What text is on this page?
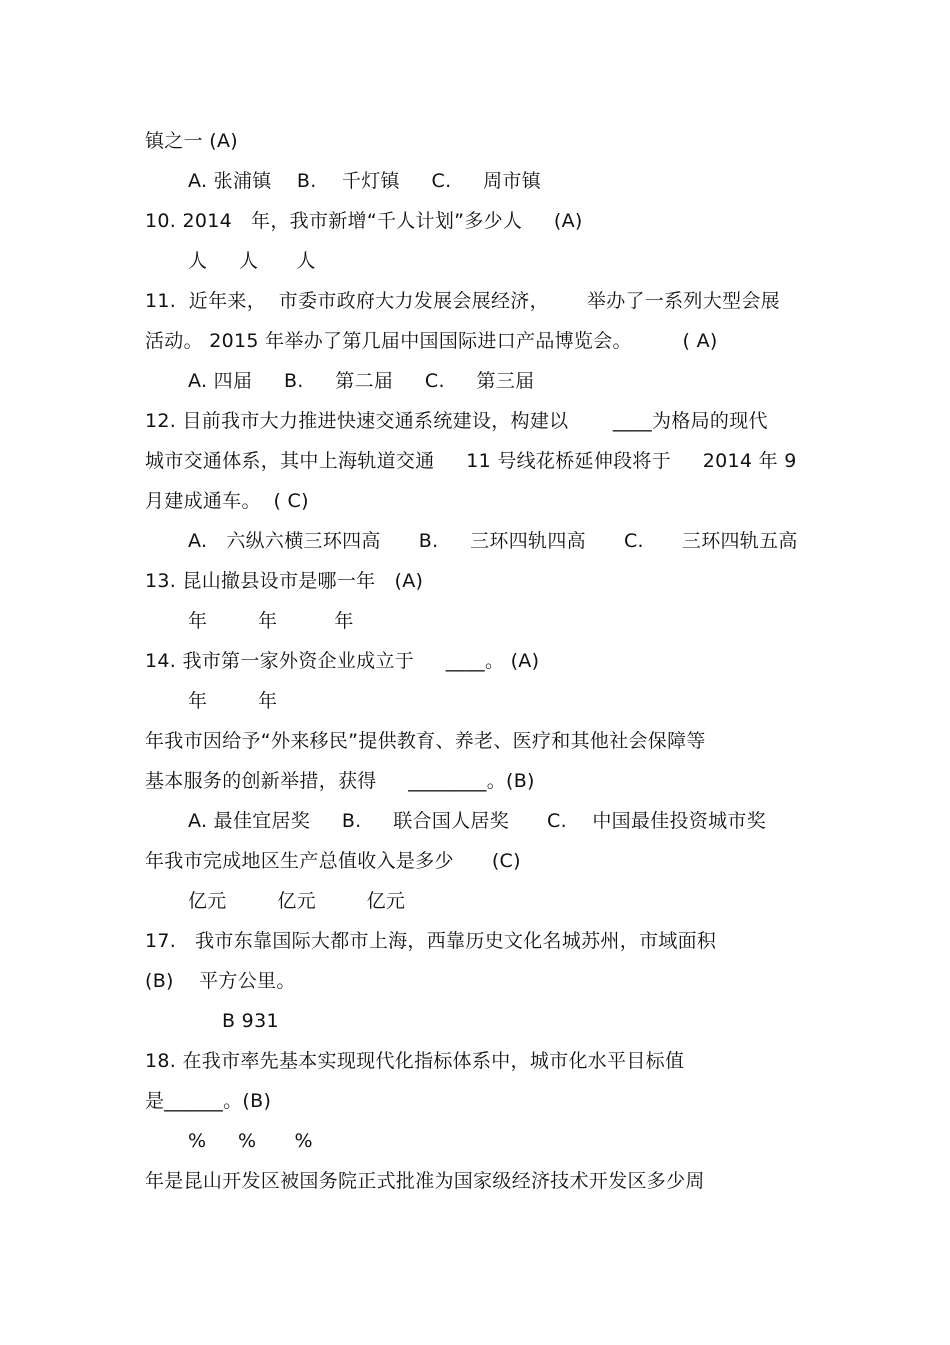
镇之一 (A)
A. 张浦镇    B.    千灯镇     C.     周市镇
10. 2014   年，我市新增“千人计划”多少人     (A)
人     人      人
11.  近年来，  市委市政府大力发展会展经济，      举办了一系列大型会展
活动。 2015 年举办了第几届中国国际进口产品博览会。        ( A)
A. 四届     B.     第二届     C.     第三届
12. 目前我市大力推进快速交通系统建设，构建以       ____为格局的现代
城市交通体系，其中上海轨道交通     11 号线花桥延伸段将于     2014 年 9
月建成通车。  ( C)
A.   六纵六横三环四高      B.     三环四轨四高      C.      三环四轨五高
13. 昆山撤县设市是哪一年   (A)
年        年         年
14. 我市第一家外资企业成立于     ____。 (A)
年        年
年我市因给予“外来移民”提供教育、养老、医疗和其他社会保障等
基本服务的创新举措，获得     ________。(B)
A. 最佳宜居奖     B.     联合国人居奖      C.    中国最佳投资城市奖
年我市完成地区生产总值收入是多少      (C)
亿元        亿元        亿元
17.   我市东靠国际大都市上海，西靠历史文化名城苏州，市域面积
(B)    平方公里。
B 931
18. 在我市率先基本实现现代化指标体系中，城市化水平目标值
是______。(B)
%     %      %
年是昆山开发区被国务院正式批准为国家级经济技术开发区多少周
